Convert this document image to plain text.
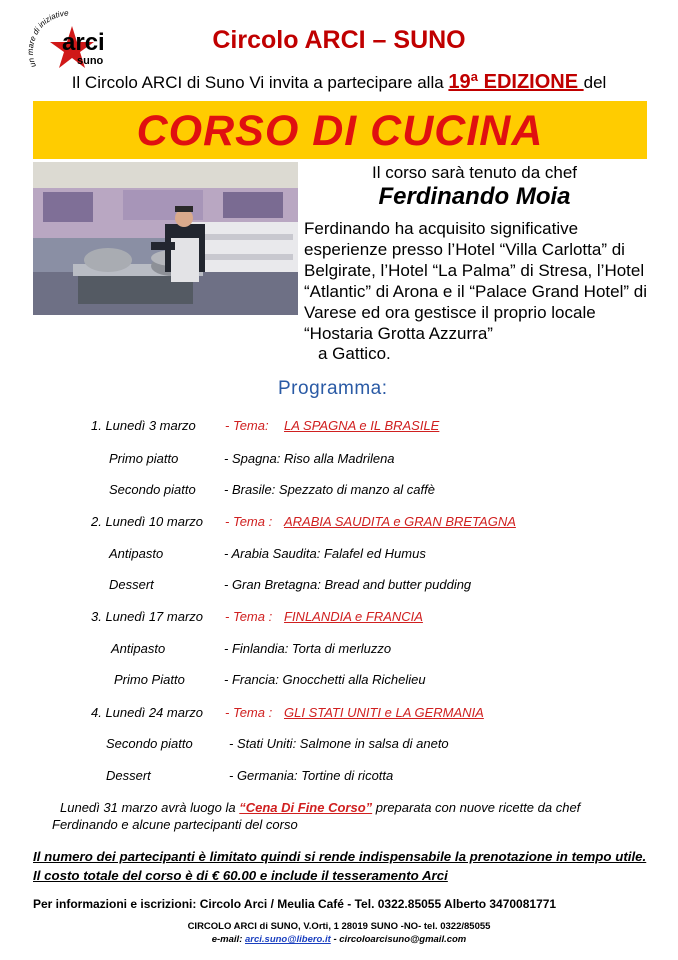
un mare di iniziative
arci
suno
Circolo ARCI – SUNO
Il Circolo ARCI di Suno Vi invita a partecipare alla 19ª EDIZIONE del
CORSO DI CUCINA
Il corso sarà tenuto da chef
Ferdinando Moia
Ferdinando ha acquisito significative esperienze presso l’Hotel “Villa Carlotta” di Belgirate, l’Hotel “La Palma” di Stresa, l’Hotel “Atlantic” di Arona e il “Palace Grand Hotel” di Varese ed ora gestisce il proprio locale “Hostaria Grotta Azzurra”
a Gattico.
Programma:
1. Lunedì 3 marzo - Tema: LA SPAGNA e IL BRASILE
Primo piatto	- Spagna: Riso alla Madrilena
Secondo piatto - Brasile: Spezzato di manzo al caffè
2. Lunedì 10 marzo - Tema : ARABIA SAUDITA e GRAN BRETAGNA
Antipasto	- Arabia Saudita: Falafel ed Humus
Dessert	- Gran Bretagna: Bread and butter pudding
3. Lunedì 17 marzo - Tema : FINLANDIA e FRANCIA
Antipasto	- Finlandia: Torta di merluzzo
Primo Piatto	- Francia: Gnocchetti alla Richelieu
4. Lunedì 24 marzo - Tema : GLI STATI UNITI e LA GERMANIA
Secondo piatto	- Stati Uniti: Salmone in salsa di aneto
Dessert	- Germania: Tortine di ricotta
Lunedì 31 marzo avrà luogo la “Cena Di Fine Corso” preparata con nuove ricette da chef
Ferdinando e alcune partecipanti del corso
Il numero dei partecipanti è limitato quindi si rende indispensabile la prenotazione in tempo utile. Il costo totale del corso è di € 60.00 e include il tesseramento Arci
Per informazioni e iscrizioni: Circolo Arci / Meulia Café - Tel. 0322.85055 Alberto 3470081771
CIRCOLO ARCI di SUNO, V.Orti, 1 28019 SUNO -NO- tel. 0322/85055
e-mail: arci.suno@libero.it - circoloarcisuno@gmail.com
